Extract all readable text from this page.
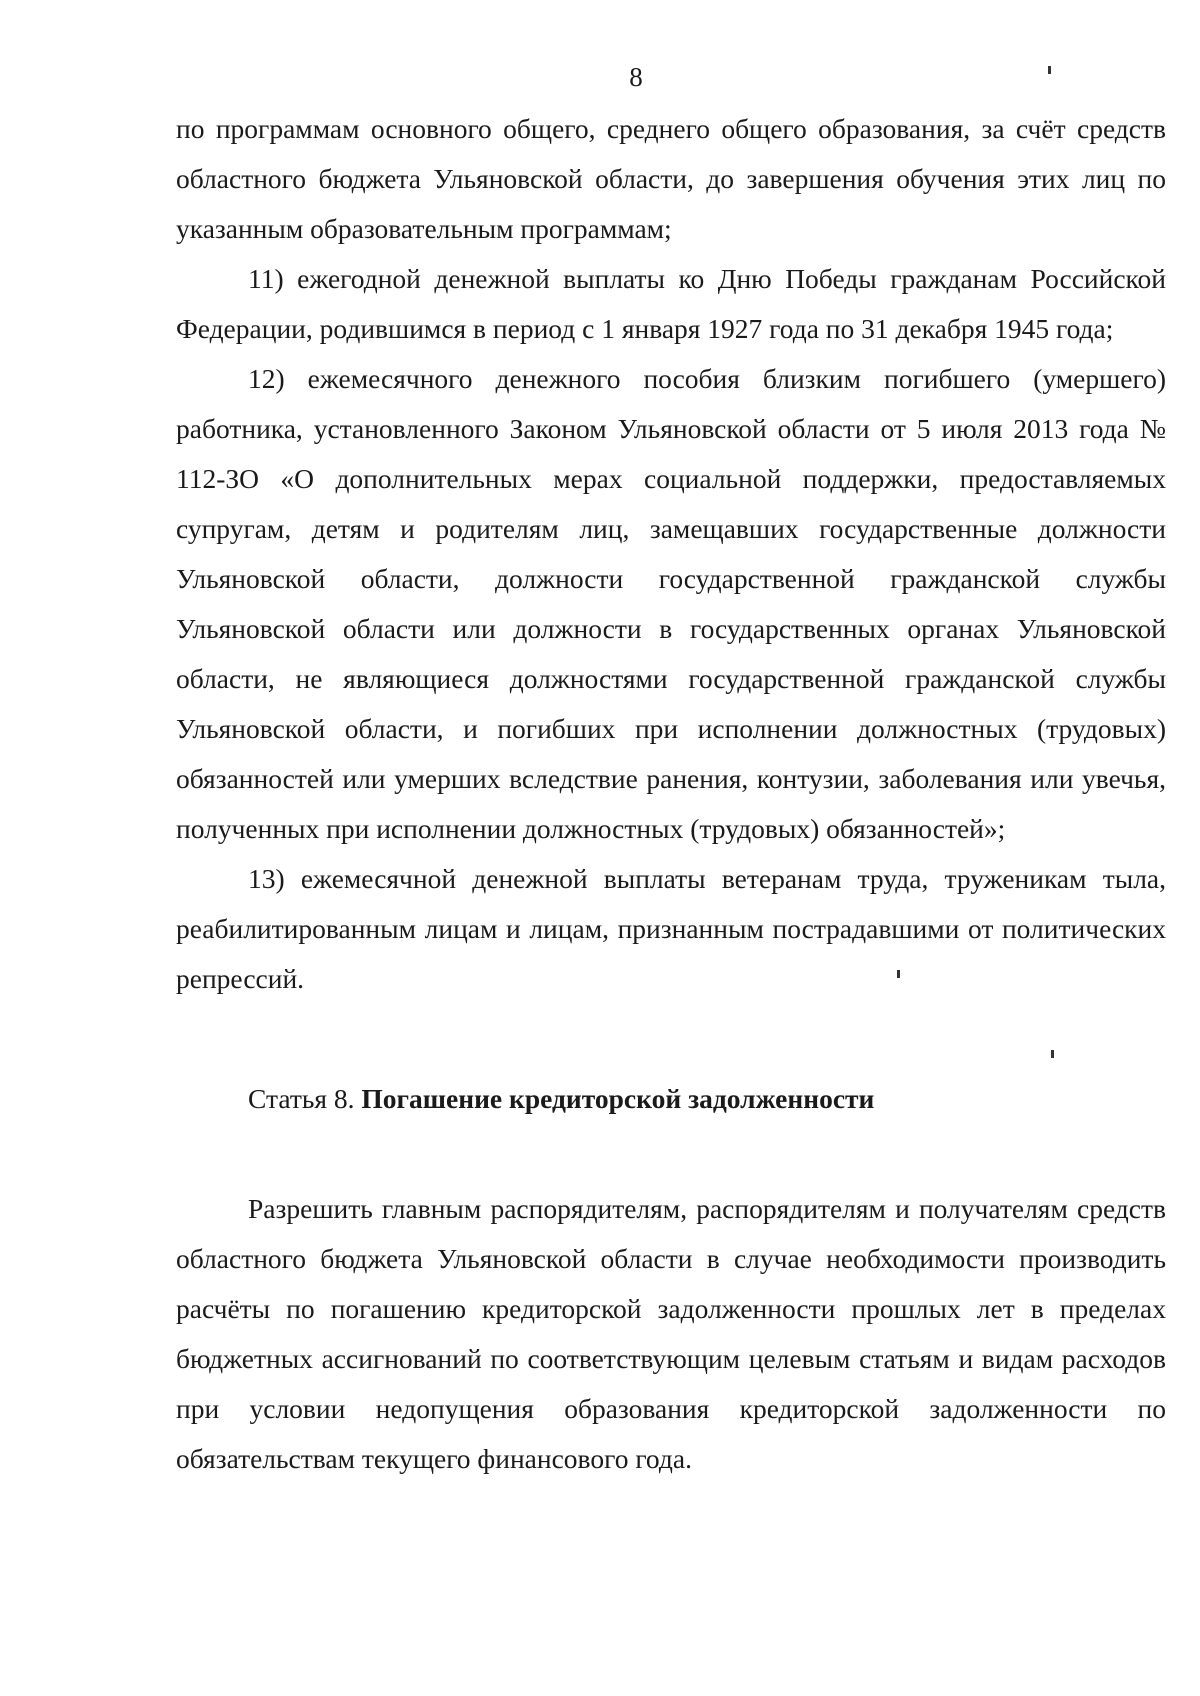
8

по программам основного общего, среднего общего образования, за счёт средств областного бюджета Ульяновской области, до завершения обучения этих лиц по указанным образовательным программам;

11) ежегодной денежной выплаты ко Дню Победы гражданам Российской Федерации, родившимся в период с 1 января 1927 года по 31 декабря 1945 года;

12) ежемесячного денежного пособия близким погибшего (умершего) работника, установленного Законом Ульяновской области от 5 июля 2013 года № 112-ЗО «О дополнительных мерах социальной поддержки, предоставляемых супругам, детям и родителям лиц, замещавших государственные должности Ульяновской области, должности государственной гражданской службы Ульяновской области или должности в государственных органах Ульяновской области, не являющиеся должностями государственной гражданской службы Ульяновской области, и погибших при исполнении должностных (трудовых) обязанностей или умерших вследствие ранения, контузии, заболевания или увечья, полученных при исполнении должностных (трудовых) обязанностей»;

13) ежемесячной денежной выплаты ветеранам труда, труженикам тыла, реабилитированным лицам и лицам, признанным пострадавшими от политических репрессий.

Статья 8. Погашение кредиторской задолженности

Разрешить главным распорядителям, распорядителям и получателям средств областного бюджета Ульяновской области в случае необходимости производить расчёты по погашению кредиторской задолженности прошлых лет в пределах бюджетных ассигнований по соответствующим целевым статьям и видам расходов при условии недопущения образования кредиторской задолженности по обязательствам текущего финансового года.
